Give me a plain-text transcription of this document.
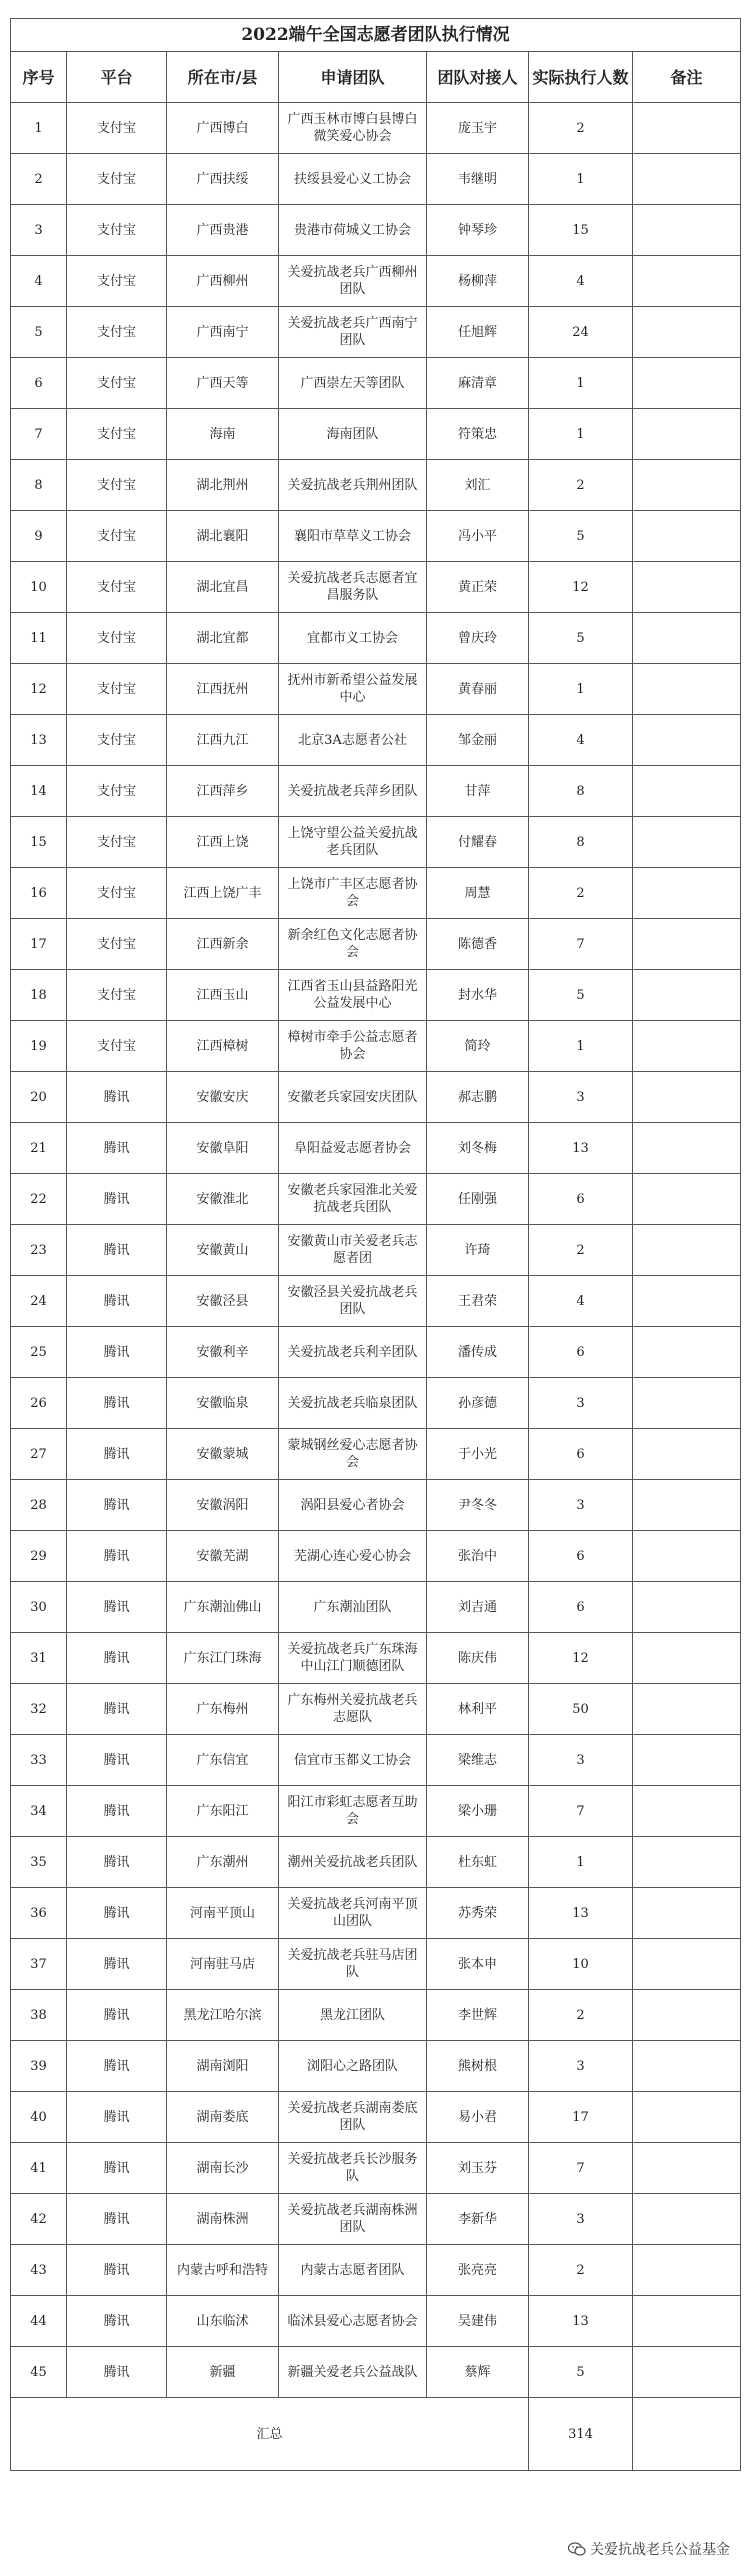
2022端午全国志愿者团队执行情况						
序号	平台	所在市/县	申请团队	团队对接人	实际执行人数	备注
1	支付宝	广西博白	广西玉林市博白县博白微笑爱心协会	庞玉宇	2	
2	支付宝	广西扶绥	扶绥县爱心义工协会	韦继明	1	
3	支付宝	广西贵港	贵港市荷城义工协会	钟琴珍	15	
4	支付宝	广西柳州	关爱抗战老兵广西柳州团队	杨柳萍	4	
5	支付宝	广西南宁	关爱抗战老兵广西南宁团队	任旭辉	24	
6	支付宝	广西天等	广西崇左天等团队	麻清章	1	
7	支付宝	海南	海南团队	符策忠	1	
8	支付宝	湖北荆州	关爱抗战老兵荆州团队	刘汇	2	
9	支付宝	湖北襄阳	襄阳市草草义工协会	冯小平	5	
10	支付宝	湖北宜昌	关爱抗战老兵志愿者宜昌服务队	黄正荣	12	
11	支付宝	湖北宜都	宜都市义工协会	曾庆玲	5	
12	支付宝	江西抚州	抚州市新希望公益发展中心	黄春丽	1	
13	支付宝	江西九江	北京3A志愿者公社	邹金丽	4	
14	支付宝	江西萍乡	关爱抗战老兵萍乡团队	甘萍	8	
15	支付宝	江西上饶	上饶守望公益关爱抗战老兵团队	付耀春	8	
16	支付宝	江西上饶广丰	上饶市广丰区志愿者协会	周慧	2	
17	支付宝	江西新余	新余红色文化志愿者协会	陈德香	7	
18	支付宝	江西玉山	江西省玉山县益路阳光公益发展中心	封水华	5	
19	支付宝	江西樟树	樟树市牵手公益志愿者协会	简玲	1	
20	腾讯	安徽安庆	安徽老兵家园安庆团队	郝志鹏	3	
21	腾讯	安徽阜阳	阜阳益爱志愿者协会	刘冬梅	13	
22	腾讯	安徽淮北	安徽老兵家园淮北关爱抗战老兵团队	任刚强	6	
23	腾讯	安徽黄山	安徽黄山市关爱老兵志愿者团	许琦	2	
24	腾讯	安徽泾县	安徽泾县关爱抗战老兵团队	王君荣	4	
25	腾讯	安徽利辛	关爱抗战老兵利辛团队	潘传成	6	
26	腾讯	安徽临泉	关爱抗战老兵临泉团队	孙彦德	3	
27	腾讯	安徽蒙城	蒙城钢丝爱心志愿者协会	于小光	6	
28	腾讯	安徽涡阳	涡阳县爱心者协会	尹冬冬	3	
29	腾讯	安徽芜湖	芜湖心连心爱心协会	张治中	6	
30	腾讯	广东潮汕佛山	广东潮汕团队	刘吉通	6	
31	腾讯	广东江门珠海	关爱抗战老兵广东珠海中山江门顺德团队	陈庆伟	12	
32	腾讯	广东梅州	广东梅州关爱抗战老兵志愿队	林利平	50	
33	腾讯	广东信宜	信宜市玉都义工协会	梁维志	3	
34	腾讯	广东阳江	阳江市彩虹志愿者互助会	梁小珊	7	
35	腾讯	广东潮州	潮州关爱抗战老兵团队	杜东虹	1	
36	腾讯	河南平顶山	关爱抗战老兵河南平顶山团队	苏秀荣	13	
37	腾讯	河南驻马店	关爱抗战老兵驻马店团队	张本申	10	
38	腾讯	黑龙江哈尔滨	黑龙江团队	李世辉	2	
39	腾讯	湖南浏阳	浏阳心之路团队	熊树根	3	
40	腾讯	湖南娄底	关爱抗战老兵湖南娄底团队	易小君	17	
41	腾讯	湖南长沙	关爱抗战老兵长沙服务队	刘玉芬	7	
42	腾讯	湖南株洲	关爱抗战老兵湖南株洲团队	李新华	3	
43	腾讯	内蒙古呼和浩特	内蒙古志愿者团队	张亮亮	2	
44	腾讯	山东临沭	临沭县爱心志愿者协会	吴建伟	13	
45	腾讯	新疆	新疆关爱老兵公益战队	蔡辉	5	
汇总					314	
关爱抗战老兵公益基金
